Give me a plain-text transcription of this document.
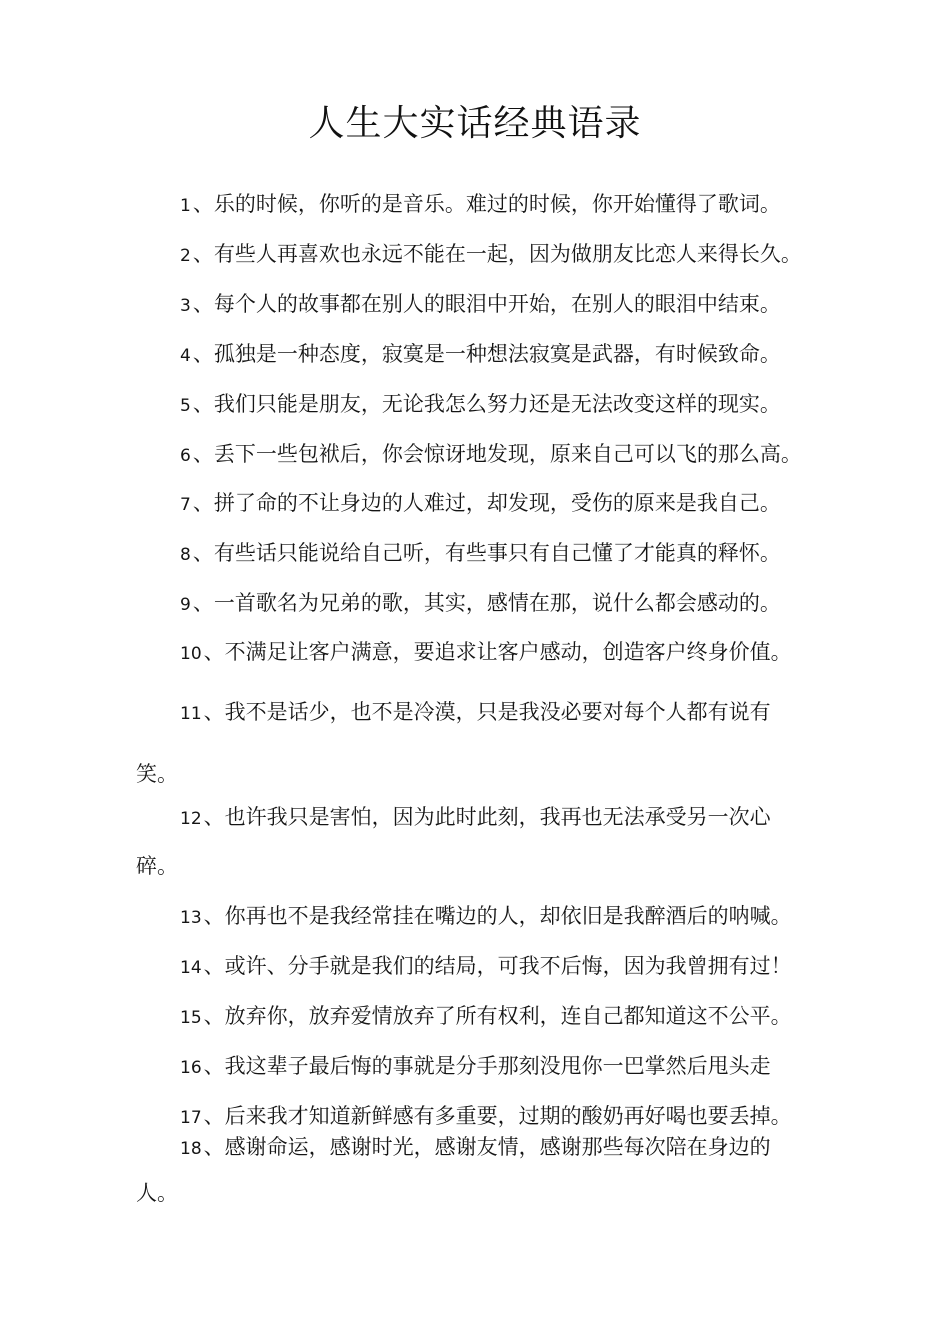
人生大实话经典语录
1、乐的时候，你听的是音乐。难过的时候，你开始懂得了歌词。
2、有些人再喜欢也永远不能在一起，因为做朋友比恋人来得长久。
3、每个人的故事都在别人的眼泪中开始，在别人的眼泪中结束。
4、孤独是一种态度，寂寞是一种想法寂寞是武器，有时候致命。
5、我们只能是朋友，无论我怎么努力还是无法改变这样的现实。
6、丢下一些包袱后，你会惊讶地发现，原来自己可以飞的那么高。
7、拼了命的不让身边的人难过，却发现，受伤的原来是我自己。
8、有些话只能说给自己听，有些事只有自己懂了才能真的释怀。
9、一首歌名为兄弟的歌，其实，感情在那，说什么都会感动的。
10、不满足让客户满意，要追求让客户感动，创造客户终身价值。
11、我不是话少，也不是冷漠，只是我没必要对每个人都有说有
笑。
12、也许我只是害怕，因为此时此刻，我再也无法承受另一次心
碎。
13、你再也不是我经常挂在嘴边的人，却依旧是我醉酒后的呐喊。
14、或许、分手就是我们的结局，可我不后悔，因为我曾拥有过！
15、放弃你，放弃爱情放弃了所有权利，连自己都知道这不公平。
16、我这辈子最后悔的事就是分手那刻没甩你一巴掌然后甩头走
17、后来我才知道新鲜感有多重要，过期的酸奶再好喝也要丢掉。
18、感谢命运，感谢时光，感谢友情，感谢那些每次陪在身边的
人。
